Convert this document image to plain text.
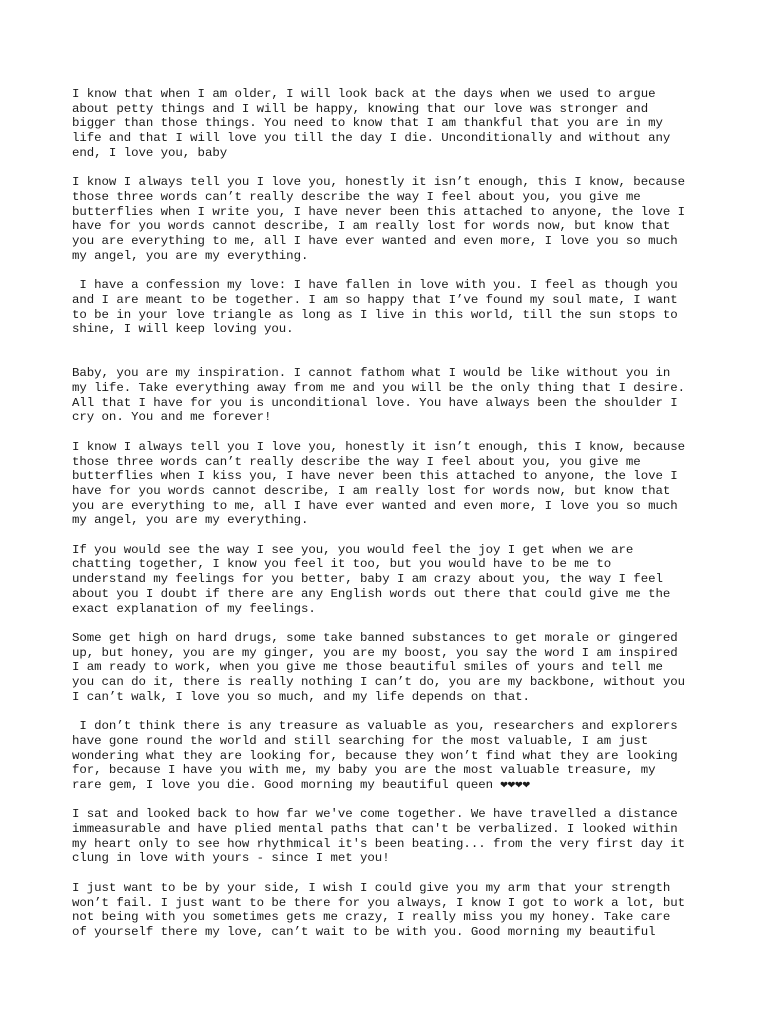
I know that when I am older, I will look back at the days when we used to argue
about petty things and I will be happy, knowing that our love was stronger and
bigger than those things. You need to know that I am thankful that you are in my
life and that I will love you till the day I die. Unconditionally and without any
end, I love you, baby

I know I always tell you I love you, honestly it isn’t enough, this I know, because
those three words can’t really describe the way I feel about you, you give me
butterflies when I write you, I have never been this attached to anyone, the love I
have for you words cannot describe, I am really lost for words now, but know that
you are everything to me, all I have ever wanted and even more, I love you so much
my angel, you are my everything.

I have a confession my love: I have fallen in love with you. I feel as though you
and I are meant to be together. I am so happy that I’ve found my soul mate, I want
to be in your love triangle as long as I live in this world, till the sun stops to
shine, I will keep loving you.

Baby, you are my inspiration. I cannot fathom what I would be like without you in
my life. Take everything away from me and you will be the only thing that I desire.
All that I have for you is unconditional love. You have always been the shoulder I
cry on. You and me forever!

I know I always tell you I love you, honestly it isn’t enough, this I know, because
those three words can’t really describe the way I feel about you, you give me
butterflies when I kiss you, I have never been this attached to anyone, the love I
have for you words cannot describe, I am really lost for words now, but know that
you are everything to me, all I have ever wanted and even more, I love you so much
my angel, you are my everything.

If you would see the way I see you, you would feel the joy I get when we are
chatting together, I know you feel it too, but you would have to be me to
understand my feelings for you better, baby I am crazy about you, the way I feel
about you I doubt if there are any English words out there that could give me the
exact explanation of my feelings.

Some get high on hard drugs, some take banned substances to get morale or gingered
up, but honey, you are my ginger, you are my boost, you say the word I am inspired
I am ready to work, when you give me those beautiful smiles of yours and tell me
you can do it, there is really nothing I can’t do, you are my backbone, without you
I can’t walk, I love you so much, and my life depends on that.

I don’t think there is any treasure as valuable as you, researchers and explorers
have gone round the world and still searching for the most valuable, I am just
wondering what they are looking for, because they won’t find what they are looking
for, because I have you with me, my baby you are the most valuable treasure, my
rare gem, I love you die. Good morning my beautiful queen ❤❤❤❤

I sat and looked back to how far we've come together. We have travelled a distance
immeasurable and have plied mental paths that can't be verbalized. I looked within
my heart only to see how rhythmical it's been beating... from the very first day it
clung in love with yours - since I met you!

I just want to be by your side, I wish I could give you my arm that your strength
won’t fail. I just want to be there for you always, I know I got to work a lot, but
not being with you sometimes gets me crazy, I really miss you my honey. Take care
of yourself there my love, can’t wait to be with you. Good morning my beautiful
